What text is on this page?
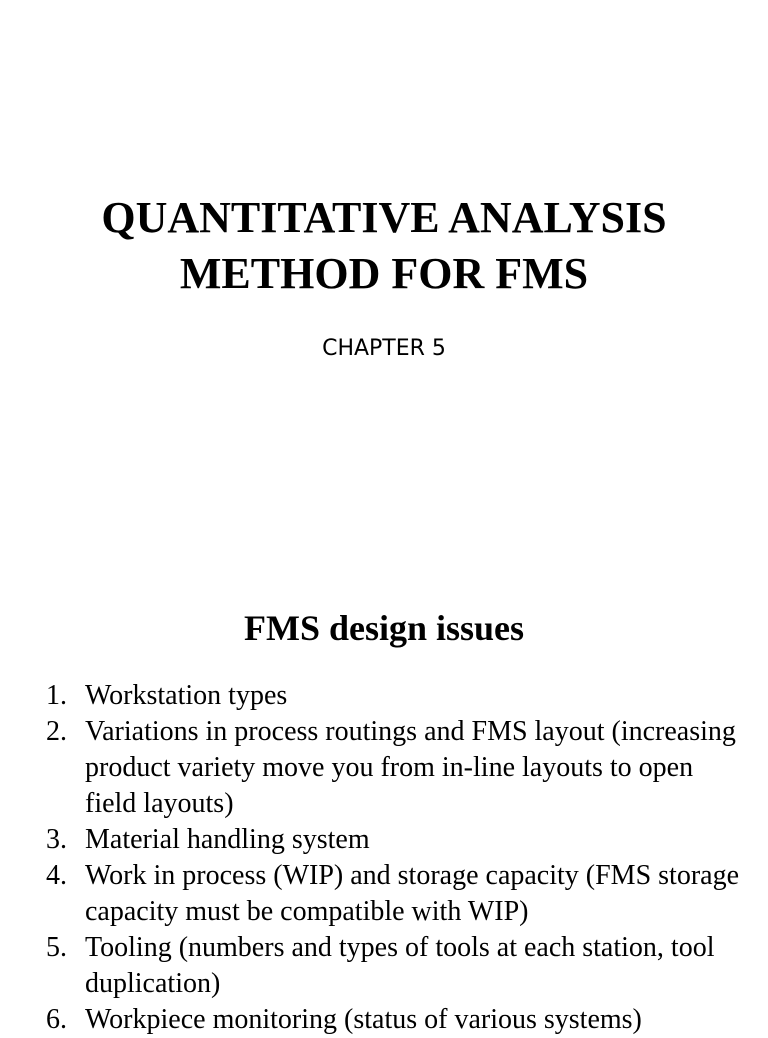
QUANTITATIVE ANALYSIS
METHOD FOR FMS

CHAPTER 5

FMS design issues
1. Workstation types
2. Variations in process routings and FMS layout (increasing product variety move you from in-line layouts to open field layouts)
3. Material handling system
4. Work in process (WIP) and storage capacity (FMS storage capacity must be compatible with WIP)
5. Tooling (numbers and types of tools at each station, tool duplication)
6. Workpiece monitoring (status of various systems)
